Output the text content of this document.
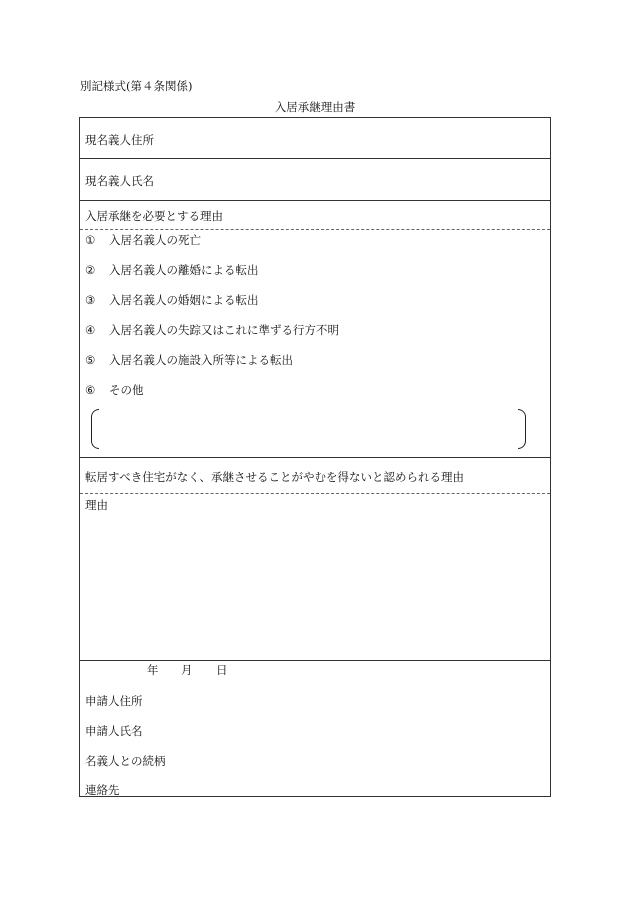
別記様式(第４条関係)
入居承継理由書
現名義人住所
現名義人氏名
入居承継を必要とする理由
① 入居名義人の死亡
② 入居名義人の離婚による転出
③ 入居名義人の婚姻による転出
④ 入居名義人の失踪又はこれに準ずる行方不明
⑤ 入居名義人の施設入所等による転出
⑥ その他
転居すべき住宅がなく、承継させることがやむを得ないと認められる理由
理由
年 月 日
申請人住所
申請人氏名
名義人との続柄
連絡先
